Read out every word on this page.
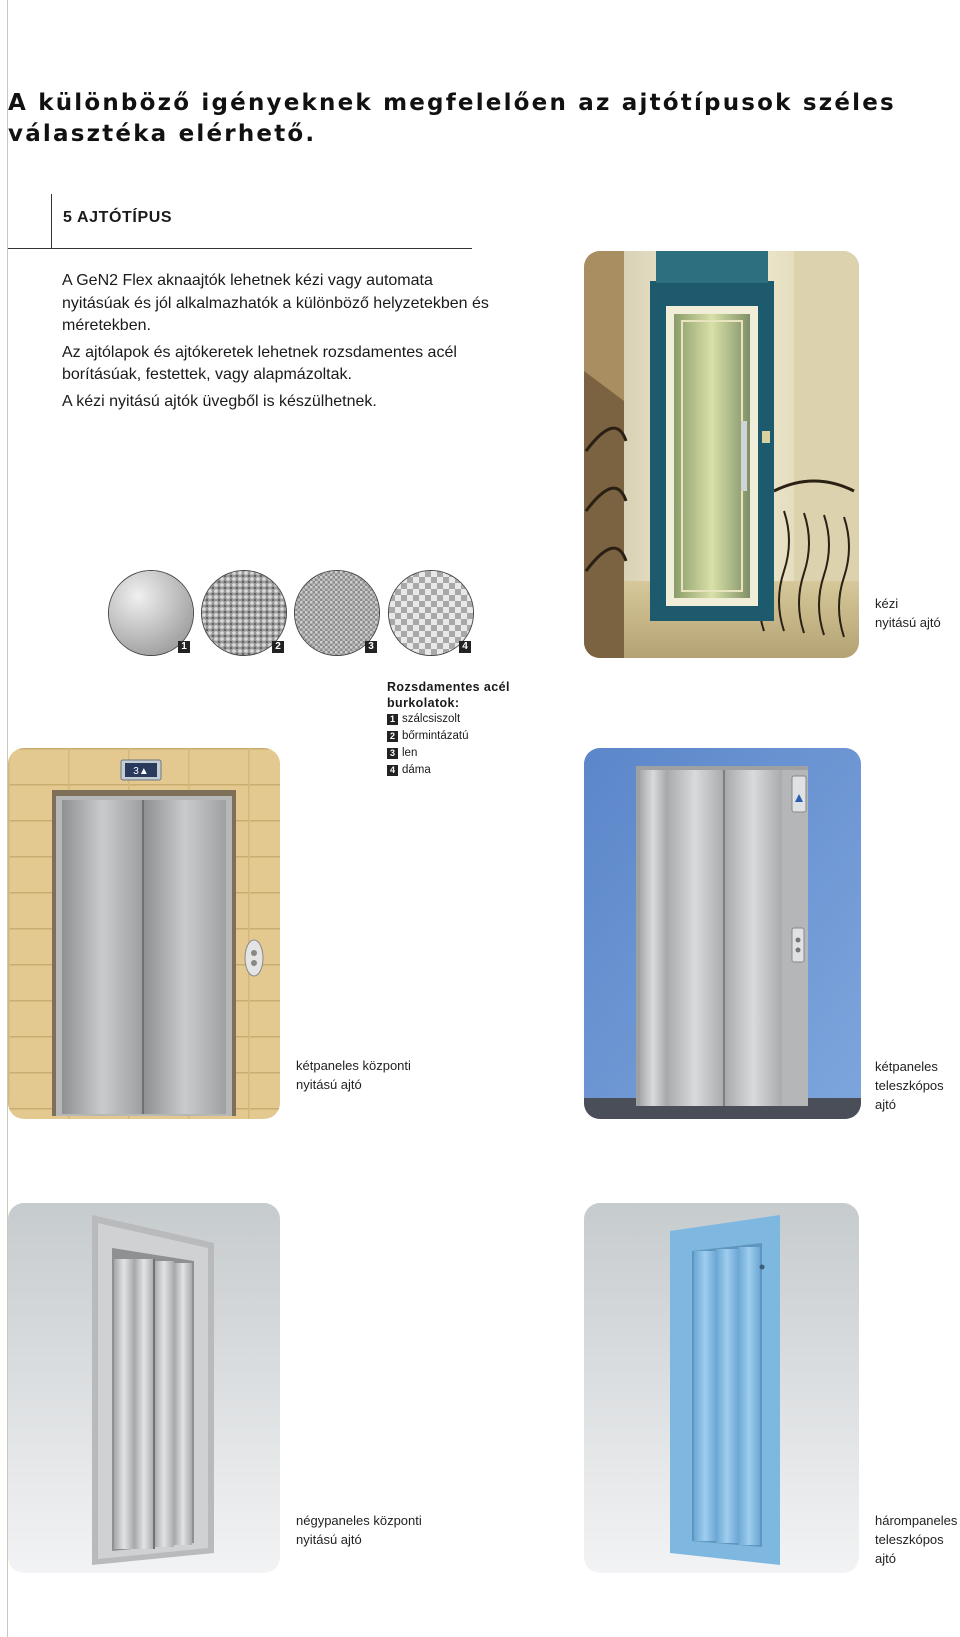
A különböző igényeknek megfelelően az ajtótípusok széles választéka elérhető.
5 AJTÓTÍPUS

A GeN2 Flex aknaajtók lehetnek kézi vagy automata nyitásúak és jól alkalmazhatók a különböző helyzetekben és méretekben.

Az ajtólapok és ajtókeretek lehetnek rozsdamentes acél borításúak, festettek, vagy alapmázoltak.

A kézi nyitású ajtók üvegből is készülhetnek.

kézi
nyitású ajtó
1	2	3	4
Rozsdamentes acél
burkolatok:
1 szálcsiszolt
2 bőrmintázatú
3 len
4 dáma
3▲
kétpaneles központi
nyitású ajtó
kétpaneles
teleszkópos ajtó
négypaneles központi
nyitású ajtó
hárompaneles
teleszkópos ajtó
